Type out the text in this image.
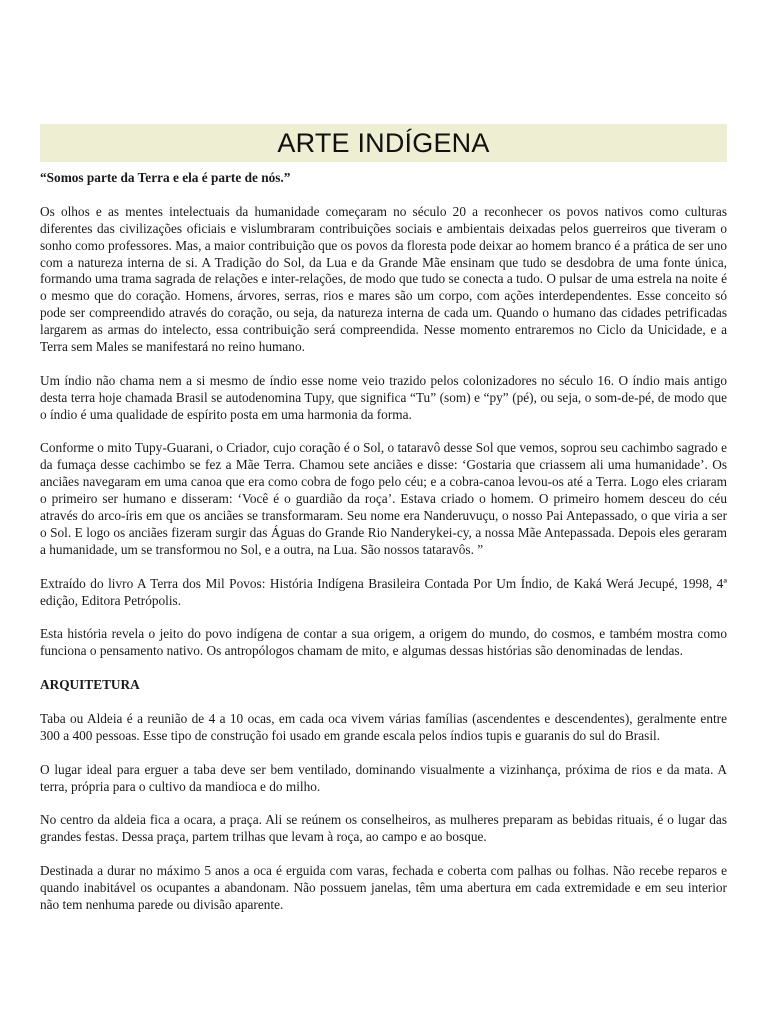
ARTE INDÍGENA

“Somos parte da Terra e ela é parte de nós.”

Os olhos e as mentes intelectuais da humanidade começaram no século 20 a reconhecer os povos nativos como culturas diferentes das civilizações oficiais e vislumbraram contribuições sociais e ambientais deixadas pelos guerreiros que tiveram o sonho como professores. Mas, a maior contribuição que os povos da floresta pode deixar ao homem branco é a prática de ser uno com a natureza interna de si. A Tradição do Sol, da Lua e da Grande Mãe ensinam que tudo se desdobra de uma fonte única, formando uma trama sagrada de relações e inter-relações, de modo que tudo se conecta a tudo. O pulsar de uma estrela na noite é o mesmo que do coração. Homens, árvores, serras, rios e mares são um corpo, com ações interdependentes. Esse conceito só pode ser compreendido através do coração, ou seja, da natureza interna de cada um. Quando o humano das cidades petrificadas largarem as armas do intelecto, essa contribuição será compreendida. Nesse momento entraremos no Ciclo da Unicidade, e a Terra sem Males se manifestará no reino humano.

Um índio não chama nem a si mesmo de índio esse nome veio trazido pelos colonizadores no século 16. O índio mais antigo desta terra hoje chamada Brasil se autodenomina Tupy, que significa “Tu” (som) e “py” (pé), ou seja, o som-de-pé, de modo que o índio é uma qualidade de espírito posta em uma harmonia da forma.

Conforme o mito Tupy-Guarani, o Criador, cujo coração é o Sol, o tataravô desse Sol que vemos, soprou seu cachimbo sagrado e da fumaça desse cachimbo se fez a Mãe Terra. Chamou sete anciães e disse: ‘Gostaria que criassem ali uma humanidade’. Os anciães navegaram em uma canoa que era como cobra de fogo pelo céu; e a cobra-canoa levou-os até a Terra. Logo eles criaram o primeiro ser humano e disseram: ‘Você é o guardião da roça’. Estava criado o homem. O primeiro homem desceu do céu através do arco-íris em que os anciães se transformaram. Seu nome era Nanderuvuçu, o nosso Pai Antepassado, o que viria a ser o Sol. E logo os anciães fizeram surgir das Águas do Grande Rio Nanderykei-cy, a nossa Mãe Antepassada. Depois eles geraram a humanidade, um se transformou no Sol, e a outra, na Lua. São nossos tataravôs. ”

Extraído do livro A Terra dos Mil Povos: História Indígena Brasileira Contada Por Um Índio, de Kaká Werá Jecupé, 1998, 4ª edição, Editora Petrópolis.

Esta história revela o jeito do povo indígena de contar a sua origem, a origem do mundo, do cosmos, e também mostra como funciona o pensamento nativo. Os antropólogos chamam de mito, e algumas dessas histórias são denominadas de lendas.

ARQUITETURA

Taba ou Aldeia é a reunião de 4 a 10 ocas, em cada oca vivem várias famílias (ascendentes e descendentes), geralmente entre 300 a 400 pessoas. Esse tipo de construção foi usado em grande escala pelos índios tupis e guaranis do sul do Brasil.

O lugar ideal para erguer a taba deve ser bem ventilado, dominando visualmente a vizinhança, próxima de rios e da mata. A terra, própria para o cultivo da mandioca e do milho.

No centro da aldeia fica a ocara, a praça. Ali se reúnem os conselheiros, as mulheres preparam as bebidas rituais, é o lugar das grandes festas. Dessa praça, partem trilhas que levam à roça, ao campo e ao bosque.

Destinada a durar no máximo 5 anos a oca é erguida com varas, fechada e coberta com palhas ou folhas. Não recebe reparos e quando inabitável os ocupantes a abandonam. Não possuem janelas, têm uma abertura em cada extremidade e em seu interior não tem nenhuma parede ou divisão aparente.
